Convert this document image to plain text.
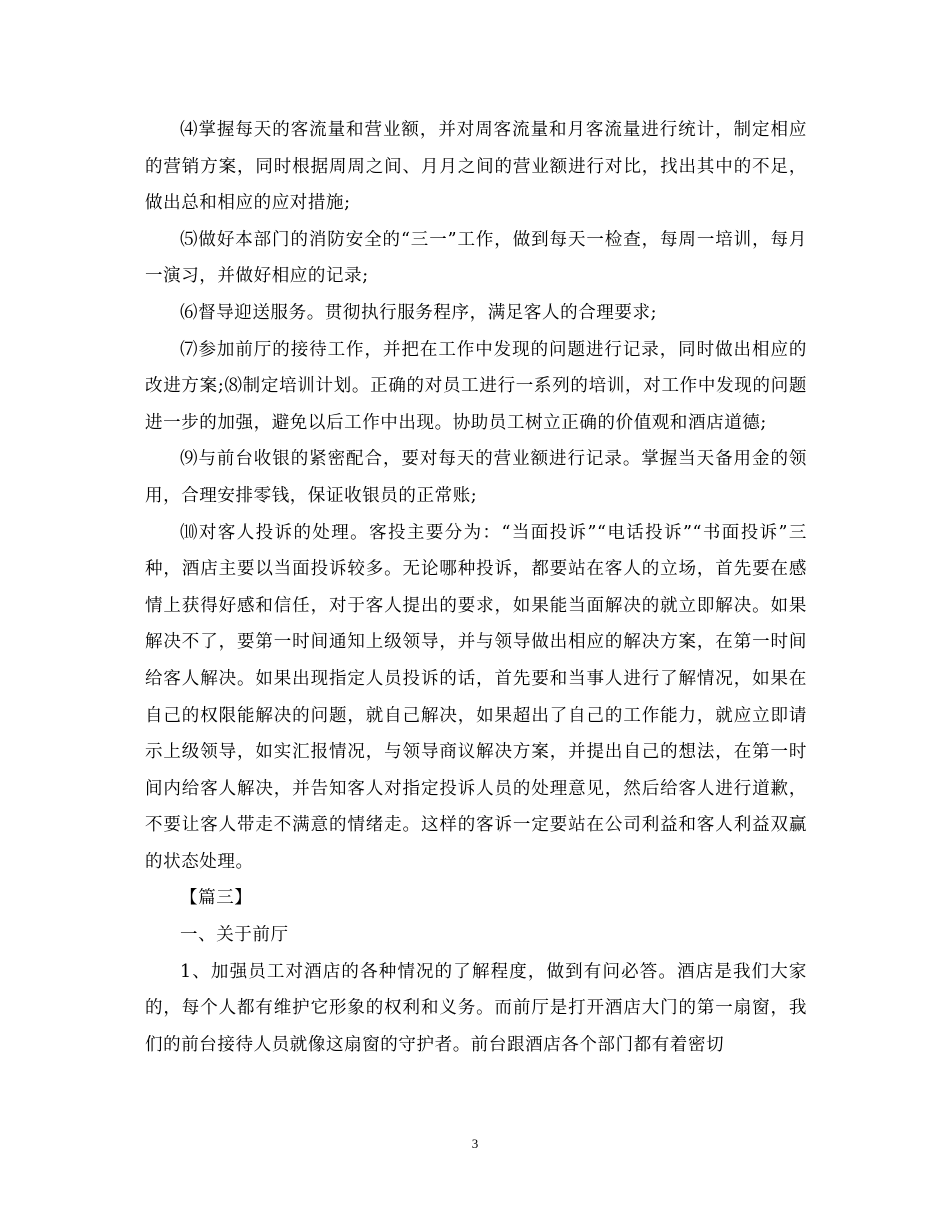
⑷掌握每天的客流量和营业额，并对周客流量和月客流量进行统计，制定相应的营销方案，同时根据周周之间、月月之间的营业额进行对比，找出其中的不足，做出总和相应的应对措施;

⑸做好本部门的消防安全的“三一”工作，做到每天一检查，每周一培训，每月一演习，并做好相应的记录;

⑹督导迎送服务。贯彻执行服务程序，满足客人的合理要求;

⑺参加前厅的接待工作，并把在工作中发现的问题进行记录，同时做出相应的改进方案;⑻制定培训计划。正确的对员工进行一系列的培训，对工作中发现的问题进一步的加强，避免以后工作中出现。协助员工树立正确的价值观和酒店道德;

⑼与前台收银的紧密配合，要对每天的营业额进行记录。掌握当天备用金的领用，合理安排零钱，保证收银员的正常账;

⑽对客人投诉的处理。客投主要分为：“当面投诉”“电话投诉”“书面投诉”三种，酒店主要以当面投诉较多。无论哪种投诉，都要站在客人的立场，首先要在感情上获得好感和信任，对于客人提出的要求，如果能当面解决的就立即解决。如果解决不了，要第一时间通知上级领导，并与领导做出相应的解决方案，在第一时间给客人解决。如果出现指定人员投诉的话，首先要和当事人进行了解情况，如果在自己的权限能解决的问题，就自己解决，如果超出了自己的工作能力，就应立即请示上级领导，如实汇报情况，与领导商议解决方案，并提出自己的想法，在第一时间内给客人解决，并告知客人对指定投诉人员的处理意见，然后给客人进行道歉，不要让客人带走不满意的情绪走。这样的客诉一定要站在公司利益和客人利益双赢的状态处理。

【篇三】

一、关于前厅

1、加强员工对酒店的各种情况的了解程度，做到有问必答。酒店是我们大家的，每个人都有维护它形象的权利和义务。而前厅是打开酒店大门的第一扇窗，我们的前台接待人员就像这扇窗的守护者。前台跟酒店各个部门都有着密切

3
